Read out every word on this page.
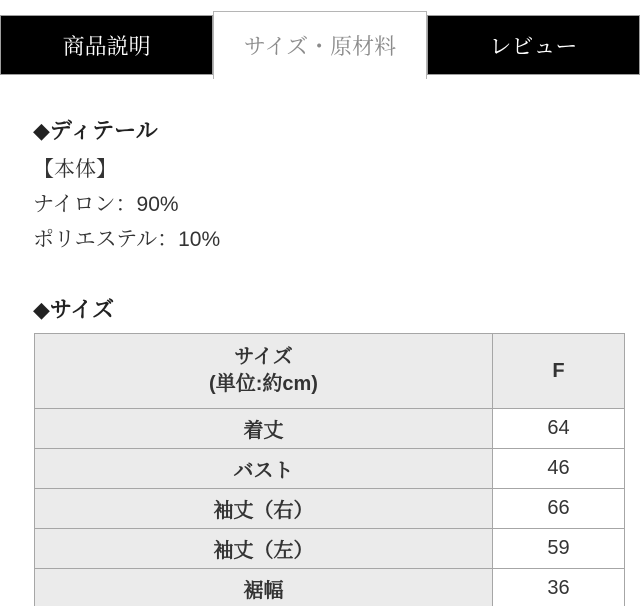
商品説明	サイズ・原材料	レビュー
◆ディテール
【本体】
ナイロン：90%
ポリエステル：10%
◆サイズ
サイズ
(単位:約cm)	F
着丈	64
バスト	46
袖丈（右）	66
袖丈（左）	59
裾幅	36
